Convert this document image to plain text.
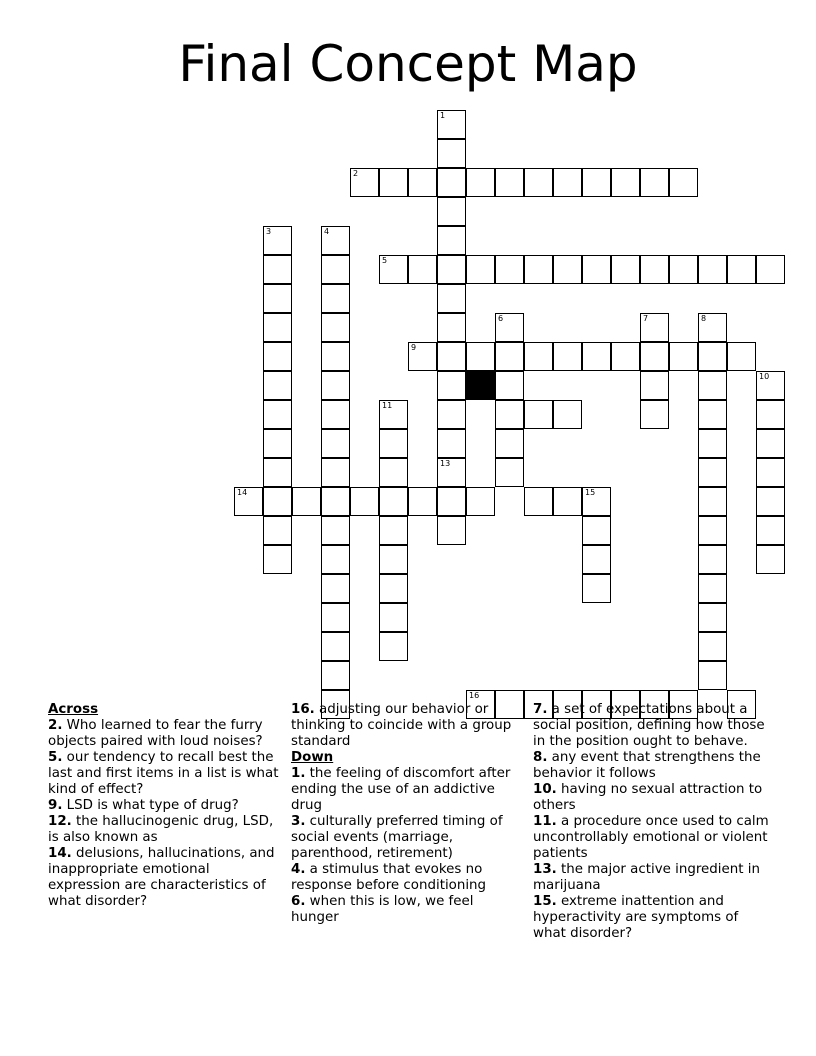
Final Concept Map
1
13
2
3	4
5
9
6	7	8
10
11
14	15
16

Across

2. Who learned to fear the furry objects paired with loud noises?

5. our tendency to recall best the last and first items in a list is what kind of effect?

9. LSD is what type of drug?

12. the hallucinogenic drug, LSD, is also known as

14. delusions, hallucinations, and inappropriate emotional expression are characteristics of what disorder?

16. adjusting our behavior or thinking to coincide with a group standard

Down

1. the feeling of discomfort after ending the use of an addictive drug

3. culturally preferred timing of social events (marriage, parenthood, retirement)

4. a stimulus that evokes no response before conditioning

6. when this is low, we feel hunger

7. a set of expectations about a social position, defining how those in the position ought to behave.

8. any event that strengthens the behavior it follows

10. having no sexual attraction to others

11. a procedure once used to calm uncontrollably emotional or violent patients

13. the major active ingredient in marijuana

15. extreme inattention and hyperactivity are symptoms of what disorder?
